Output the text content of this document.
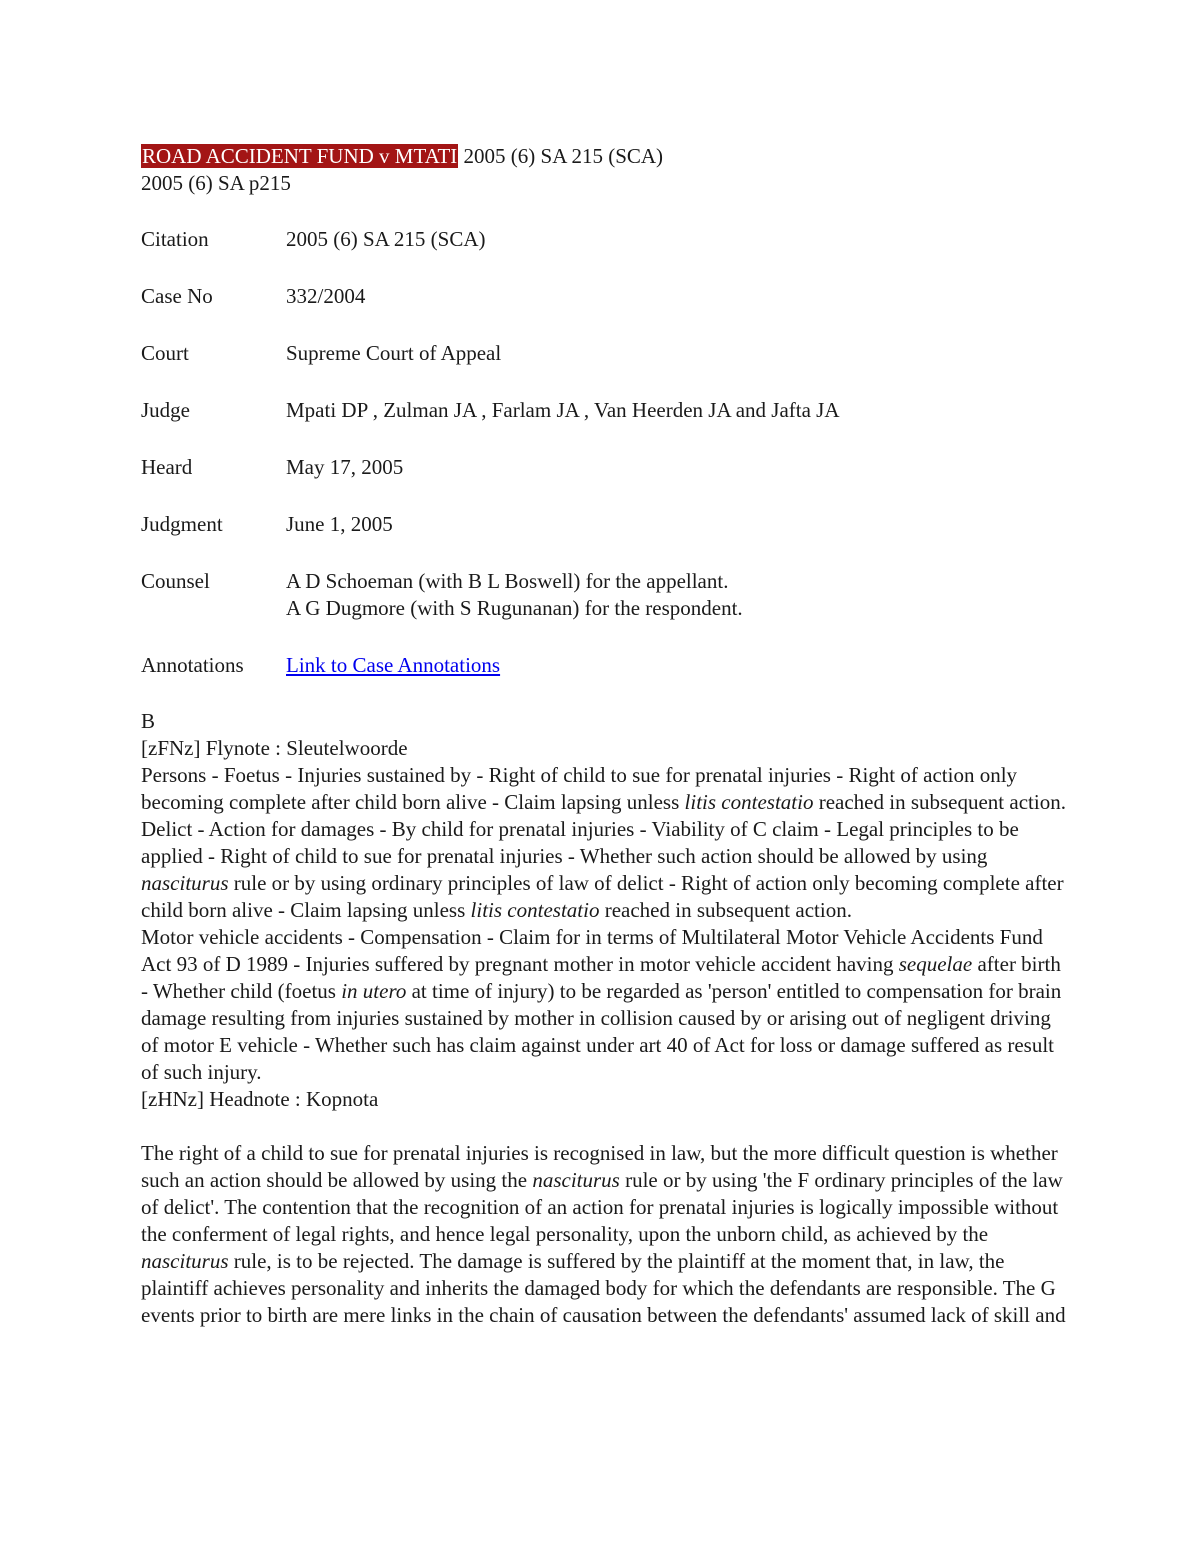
ROAD ACCIDENT FUND v MTATI 2005 (6) SA 215 (SCA)

2005 (6) SA p215

Citation	2005 (6) SA 215 (SCA)
Case No	332/2004
Court	Supreme Court of Appeal
Judge	Mpati DP , Zulman JA , Farlam JA , Van Heerden JA and Jafta JA
Heard	May 17, 2005
Judgment	June 1, 2005
Counsel	A D Schoeman (with B L Boswell) for the appellant.
A G Dugmore (with S Rugunanan) for the respondent.
Annotations	Link to Case Annotations

B

[zFNz] Flynote : Sleutelwoorde

Persons - Foetus - Injuries sustained by - Right of child to sue for prenatal injuries - Right of action only becoming complete after child born alive - Claim lapsing unless litis contestatio reached in subsequent action.

Delict - Action for damages - By child for prenatal injuries - Viability of C claim - Legal principles to be applied - Right of child to sue for prenatal injuries - Whether such action should be allowed by using nasciturus rule or by using ordinary principles of law of delict - Right of action only becoming complete after child born alive - Claim lapsing unless litis contestatio reached in subsequent action.

Motor vehicle accidents - Compensation - Claim for in terms of Multilateral Motor Vehicle Accidents Fund Act 93 of D 1989 - Injuries suffered by pregnant mother in motor vehicle accident having sequelae after birth - Whether child (foetus in utero at time of injury) to be regarded as 'person' entitled to compensation for brain damage resulting from injuries sustained by mother in collision caused by or arising out of negligent driving of motor E vehicle - Whether such has claim against under art 40 of Act for loss or damage suffered as result of such injury.

[zHNz] Headnote : Kopnota

The right of a child to sue for prenatal injuries is recognised in law, but the more difficult question is whether such an action should be allowed by using the nasciturus rule or by using 'the F ordinary principles of the law of delict'. The contention that the recognition of an action for prenatal injuries is logically impossible without the conferment of legal rights, and hence legal personality, upon the unborn child, as achieved by the nasciturus rule, is to be rejected. The damage is suffered by the plaintiff at the moment that, in law, the plaintiff achieves personality and inherits the damaged body for which the defendants are responsible. The G events prior to birth are mere links in the chain of causation between the defendants' assumed lack of skill and
